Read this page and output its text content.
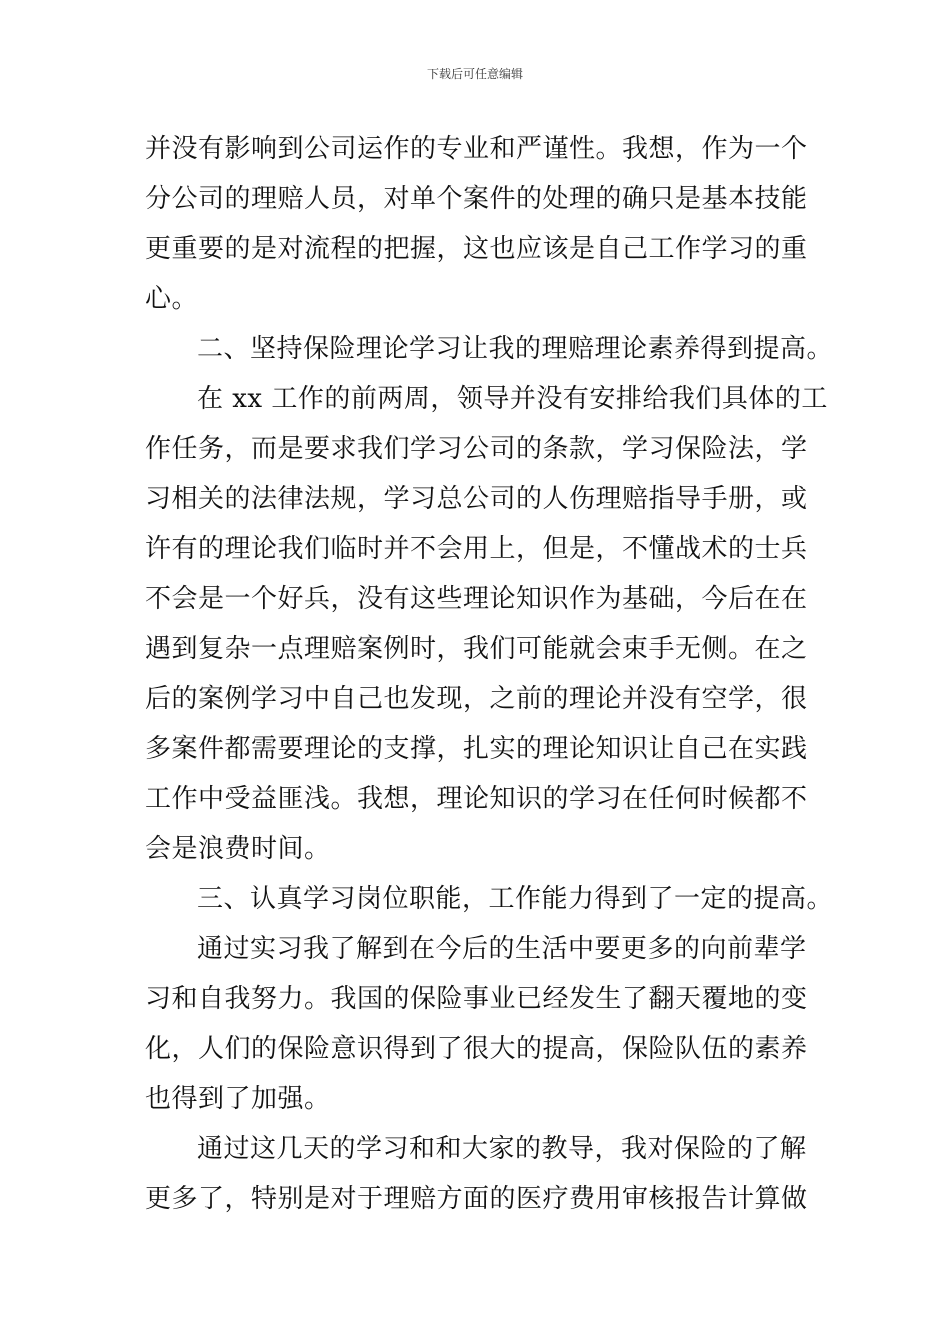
下载后可任意编辑
并没有影响到公司运作的专业和严谨性。我想，作为一个
分公司的理赔人员，对单个案件的处理的确只是基本技能
更重要的是对流程的把握，这也应该是自己工作学习的重
心。
二、坚持保险理论学习让我的理赔理论素养得到提高。
在 xx 工作的前两周，领导并没有安排给我们具体的工
作任务，而是要求我们学习公司的条款，学习保险法，学
习相关的法律法规，学习总公司的人伤理赔指导手册，或
许有的理论我们临时并不会用上，但是，不懂战术的士兵
不会是一个好兵，没有这些理论知识作为基础，今后在在
遇到复杂一点理赔案例时，我们可能就会束手无侧。在之
后的案例学习中自己也发现，之前的理论并没有空学，很
多案件都需要理论的支撑，扎实的理论知识让自己在实践
工作中受益匪浅。我想，理论知识的学习在任何时候都不
会是浪费时间。
三、认真学习岗位职能，工作能力得到了一定的提高。
通过实习我了解到在今后的生活中要更多的向前辈学
习和自我努力。我国的保险事业已经发生了翻天覆地的变
化，人们的保险意识得到了很大的提高，保险队伍的素养
也得到了加强。
通过这几天的学习和和大家的教导，我对保险的了解
更多了，特别是对于理赔方面的医疗费用审核报告计算做
